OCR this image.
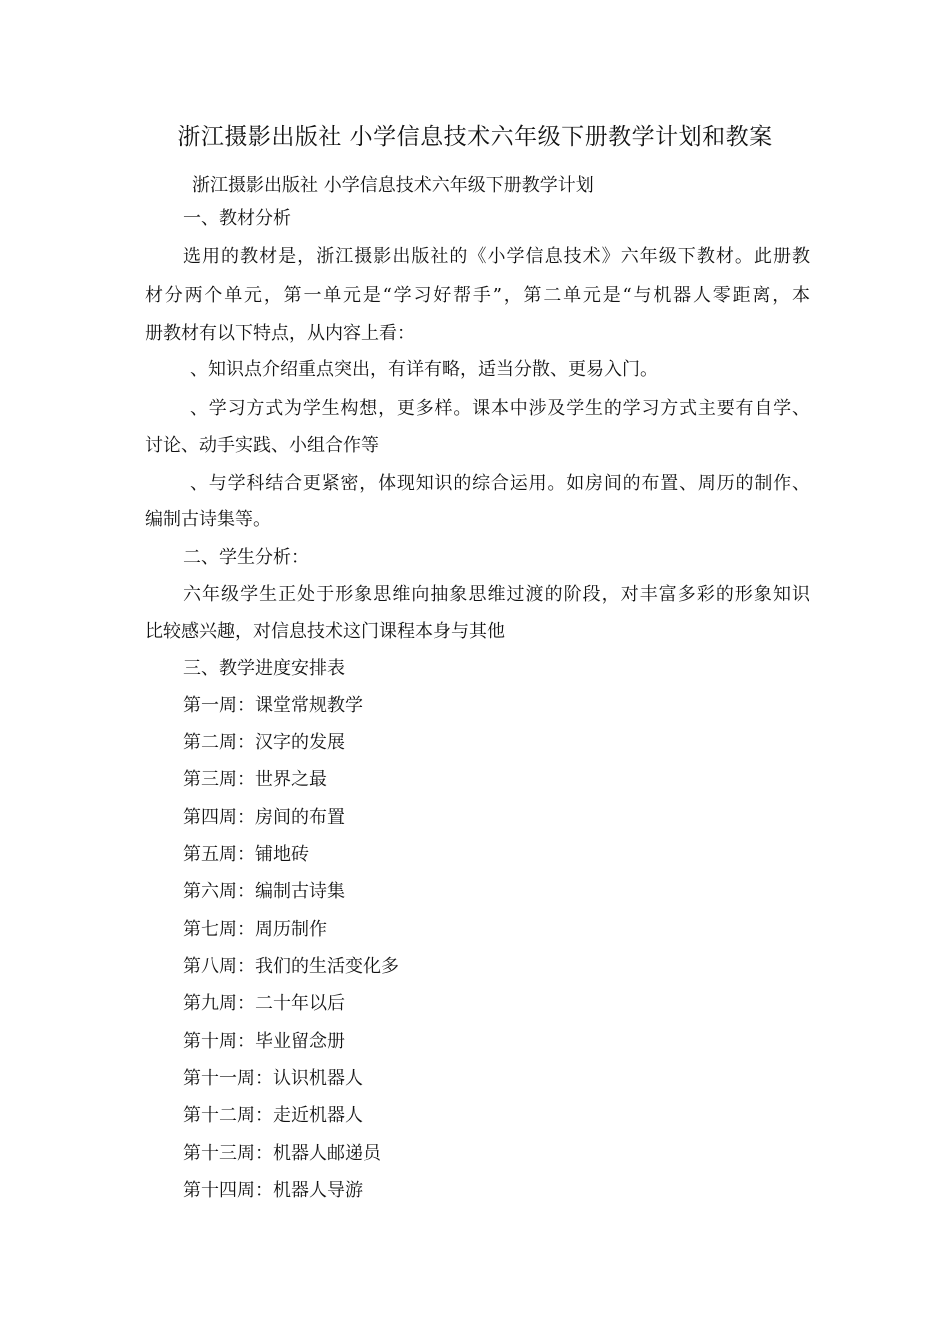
浙江摄影出版社 小学信息技术六年级下册教学计划和教案
浙江摄影出版社 小学信息技术六年级下册教学计划
一、教材分析
选用的教材是，浙江摄影出版社的《小学信息技术》六年级下教材。此册教
材分两个单元，第一单元是“学习好帮手”，第二单元是“与机器人零距离，本
册教材有以下特点，从内容上看：
、知识点介绍重点突出，有详有略，适当分散、更易入门。
、学习方式为学生构想，更多样。课本中涉及学生的学习方式主要有自学、
讨论、动手实践、小组合作等
、与学科结合更紧密，体现知识的综合运用。如房间的布置、周历的制作、
编制古诗集等。
二、学生分析：
六年级学生正处于形象思维向抽象思维过渡的阶段，对丰富多彩的形象知识
比较感兴趣，对信息技术这门课程本身与其他
三、教学进度安排表
第一周：课堂常规教学
第二周：汉字的发展
第三周：世界之最
第四周：房间的布置
第五周：铺地砖
第六周：编制古诗集
第七周：周历制作
第八周：我们的生活变化多
第九周：二十年以后
第十周：毕业留念册
第十一周：认识机器人
第十二周：走近机器人
第十三周：机器人邮递员
第十四周：机器人导游
